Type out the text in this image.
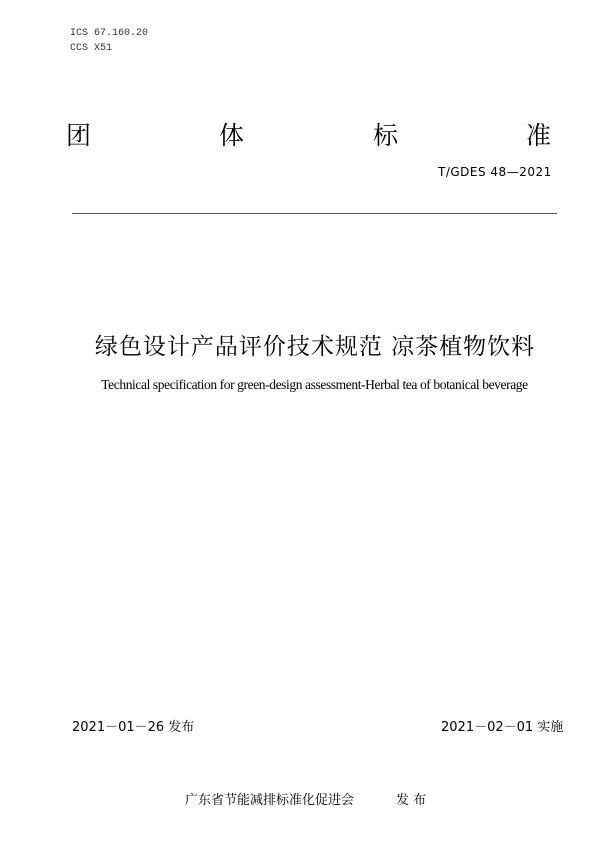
ICS 67.160.20
CCS X51
团	体	标	准
T/GDES 48—2021
绿色设计产品评价技术规范 凉茶植物饮料
Technical specification for green-design assessment-Herbal tea of botanical beverage
2021－01－26 发布	2021－02－01 实施
广东省节能减排标准化促进会	发 布
